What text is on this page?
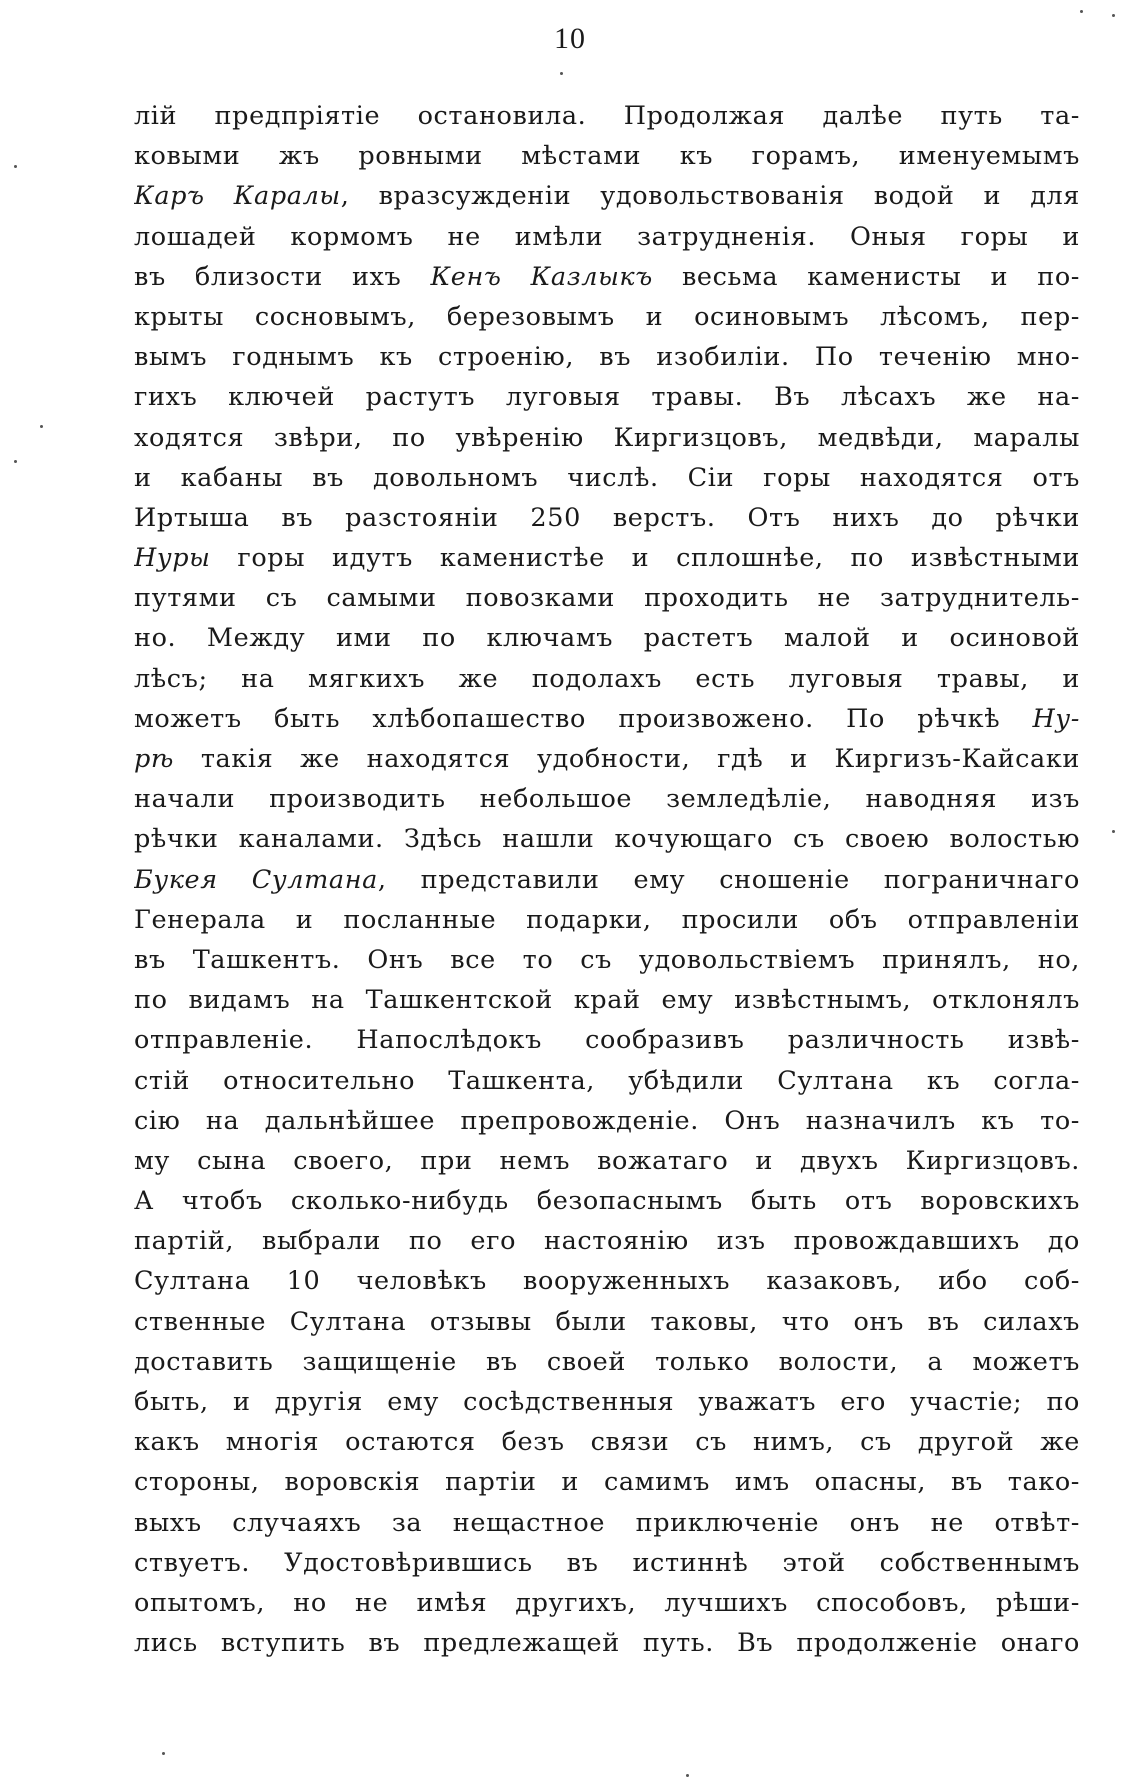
10
лій предпріятіе остановила. Продолжая далѣе путь та-
ковыми жъ ровными мѣстами къ горамъ, именуемымъ
Каръ Каралы, вразсужденіи удовольствованія водой и для
лошадей кормомъ не имѣли затрудненія. Оныя горы и
въ близости ихъ Кенъ Казлыкъ весьма каменисты и по-
крыты сосновымъ, березовымъ и осиновымъ лѣсомъ, пер-
вымъ годнымъ къ строенію, въ изобиліи. По теченію мно-
гихъ ключей растутъ луговыя травы. Въ лѣсахъ же на-
ходятся звѣри, по увѣренію Киргизцовъ, медвѣди, маралы
и кабаны въ довольномъ числѣ. Сіи горы находятся отъ
Иртыша въ разстояніи 250 верстъ. Отъ нихъ до рѣчки
Нуры горы идутъ каменистѣе и сплошнѣе, по извѣстными
путями съ самыми повозками проходить не затруднитель-
но. Между ими по ключамъ растетъ малой и осиновой
лѣсъ; на мягкихъ же подолахъ есть луговыя травы, и
можетъ быть хлѣбопашество произвожено. По рѣчкѣ Ну-
рѣ такія же находятся удобности, гдѣ и Киргизъ-Кайсаки
начали производить небольшое земледѣліе, наводняя изъ
рѣчки каналами. Здѣсь нашли кочующаго съ своею волостью
Букея Султана, представили ему сношеніе пограничнаго
Генерала и посланные подарки, просили объ отправленіи
въ Ташкентъ. Онъ все то съ удовольствіемъ принялъ, но,
по видамъ на Ташкентской край ему извѣстнымъ, отклонялъ
отправленіе. Напослѣдокъ сообразивъ различность извѣ-
стій относительно Ташкента, убѣдили Султана къ согла-
сію на дальнѣйшее препровожденіе. Онъ назначилъ къ то-
му сына своего, при немъ вожатаго и двухъ Киргизцовъ.
А чтобъ сколько-нибудь безопаснымъ быть отъ воровскихъ
партій, выбрали по его настоянію изъ провождавшихъ до
Султана 10 человѣкъ вооруженныхъ казаковъ, ибо соб-
ственные Султана отзывы были таковы, что онъ въ силахъ
доставить защищеніе въ своей только волости, а можетъ
быть, и другія ему сосѣдственныя уважатъ его участіе; по
какъ многія остаются безъ связи съ нимъ, съ другой же
стороны, воровскія партіи и самимъ имъ опасны, въ тако-
выхъ случаяхъ за нещастное приключеніе онъ не отвѣт-
ствуетъ. Удостовѣрившись въ истиннѣ этой собственнымъ
опытомъ, но не имѣя другихъ, лучшихъ способовъ, рѣши-
лись вступить въ предлежащей путь. Въ продолженіе онаго
